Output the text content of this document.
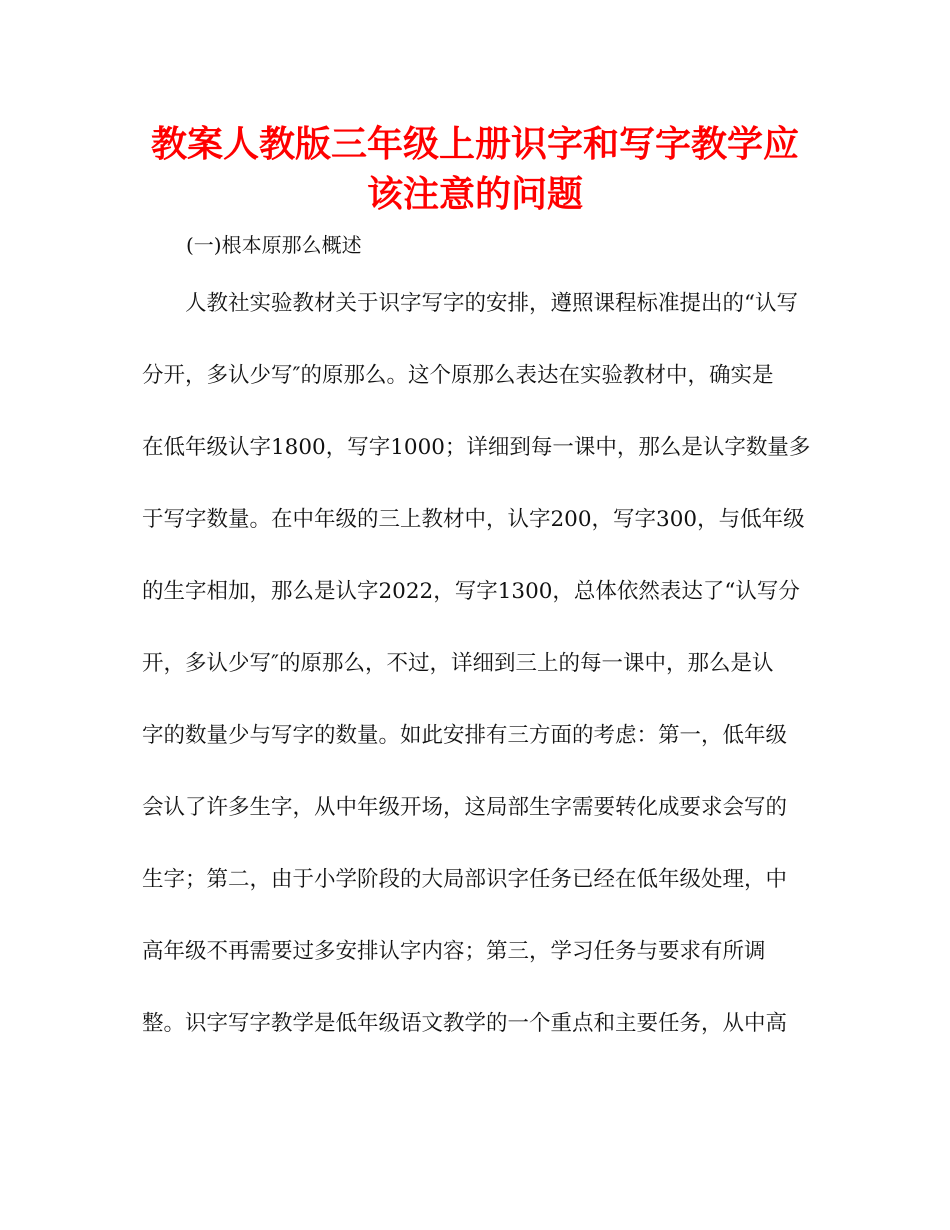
教案人教版三年级上册识字和写字教学应该注意的问题

(一)根本原那么概述

人教社实验教材关于识字写字的安排，遵照课程标准提出的“认写
分开，多认少写″的原那么。这个原那么表达在实验教材中，确实是
在低年级认字1800，写字1000；详细到每一课中，那么是认字数量多
于写字数量。在中年级的三上教材中，认字200，写字300，与低年级
的生字相加，那么是认字2022，写字1300，总体依然表达了“认写分
开，多认少写″的原那么，不过，详细到三上的每一课中，那么是认
字的数量少与写字的数量。如此安排有三方面的考虑：第一，低年级
会认了许多生字，从中年级开场，这局部生字需要转化成要求会写的
生字；第二，由于小学阶段的大局部识字任务已经在低年级处理，中
高年级不再需要过多安排认字内容；第三，学习任务与要求有所调
整。识字写字教学是低年级语文教学的一个重点和主要任务，从中高
